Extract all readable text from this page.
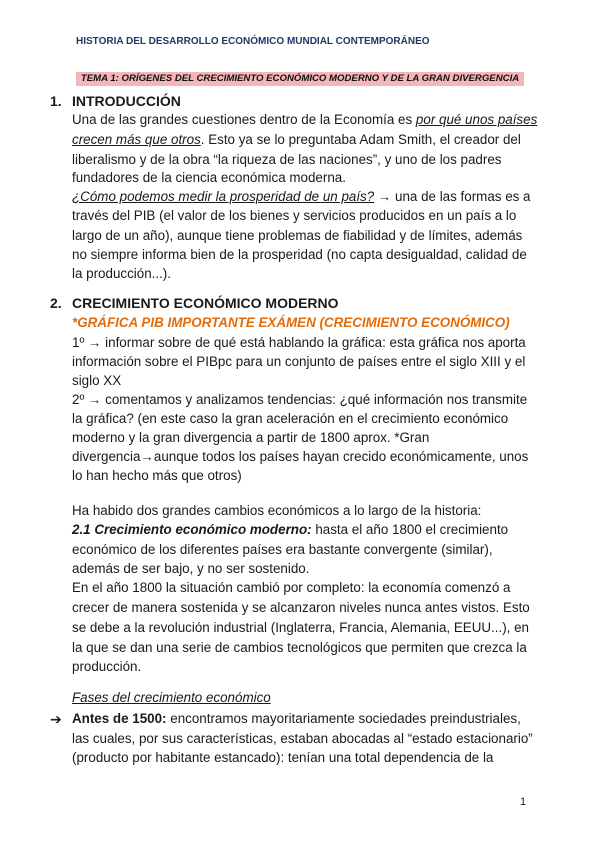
HISTORIA DEL DESARROLLO ECONÓMICO MUNDIAL CONTEMPORÁNEO
TEMA 1: ORÍGENES DEL CRECIMIENTO ECONÓMICO MODERNO Y DE LA GRAN DIVERGENCIA
1. INTRODUCCIÓN
Una de las grandes cuestiones dentro de la Economía es por qué unos países
crecen más que otros. Esto ya se lo preguntaba Adam Smith, el creador del
liberalismo y de la obra “la riqueza de las naciones”, y uno de los padres
fundadores de la ciencia económica moderna.
¿Cómo podemos medir la prosperidad de un país? → una de las formas es a
través del PIB (el valor de los bienes y servicios producidos en un país a lo
largo de un año), aunque tiene problemas de fiabilidad y de límites, además
no siempre informa bien de la prosperidad (no capta desigualdad, calidad de
la producción...).
2. CRECIMIENTO ECONÓMICO MODERNO
*GRÁFICA PIB IMPORTANTE EXÁMEN (CRECIMIENTO ECONÓMICO)
1º → informar sobre de qué está hablando la gráfica: esta gráfica nos aporta
información sobre el PIBpc para un conjunto de países entre el siglo XIII y el
siglo XX
2º → comentamos y analizamos tendencias: ¿qué información nos transmite
la gráfica? (en este caso la gran aceleración en el crecimiento económico
moderno y la gran divergencia a partir de 1800 aprox. *Gran
divergencia→aunque todos los países hayan crecido económicamente, unos
lo han hecho más que otros)
Ha habido dos grandes cambios económicos a lo largo de la historia:
2.1 Crecimiento económico moderno: hasta el año 1800 el crecimiento
económico de los diferentes países era bastante convergente (similar),
además de ser bajo, y no ser sostenido.
En el año 1800 la situación cambió por completo: la economía comenzó a
crecer de manera sostenida y se alcanzaron niveles nunca antes vistos. Esto
se debe a la revolución industrial (Inglaterra, Francia, Alemania, EEUU...), en
la que se dan una serie de cambios tecnológicos que permiten que crezca la
producción.
Fases del crecimiento económico
➔ Antes de 1500: encontramos mayoritariamente sociedades preindustriales,
las cuales, por sus características, estaban abocadas al “estado estacionario”
(producto por habitante estancado): tenían una total dependencia de la
1
